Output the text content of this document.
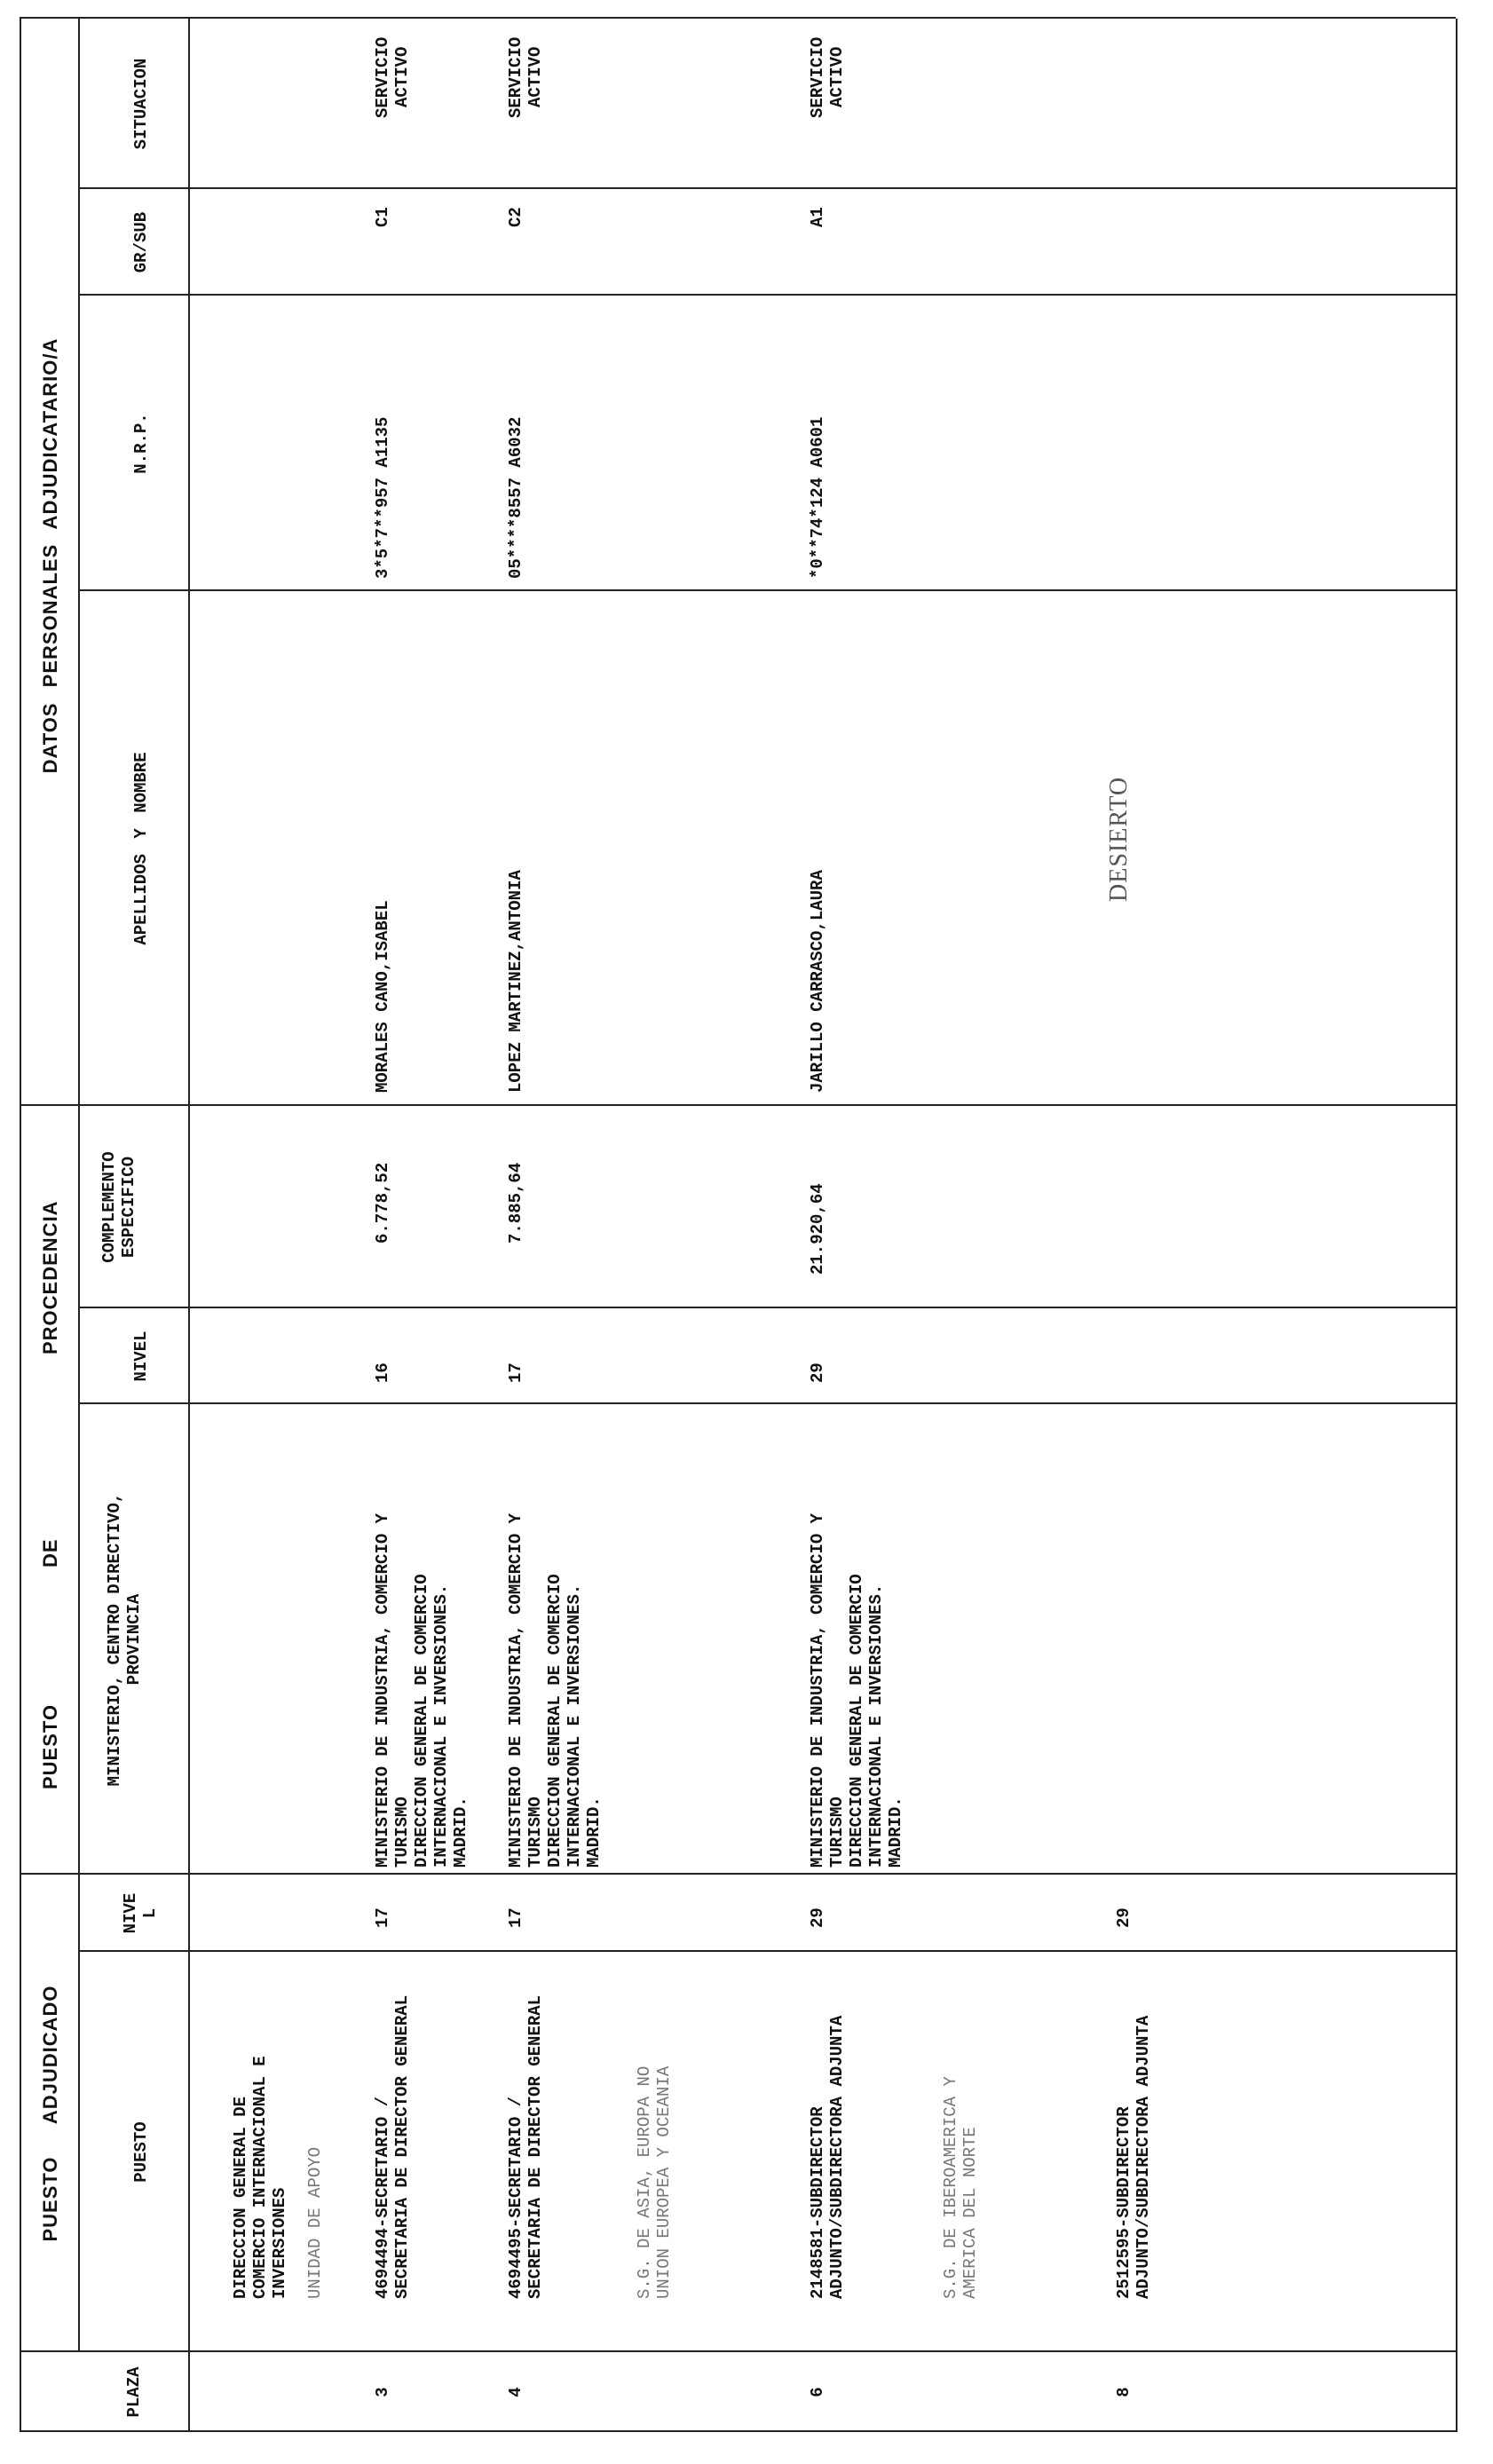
PUESTO ADJUDICADO
PUESTO
DE
PROCEDENCIA
DATOS PERSONALES ADJUDICATARIO/A
PLAZA
PUESTO
NIVE L
MINISTERIO, CENTRO DIRECTIVO, PROVINCIA
NIVEL
COMPLEMENTO ESPECIFICO
APELLIDOS Y NOMBRE
N.R.P.
GR/SUB
SITUACION
DIRECCION GENERAL DE COMERCIO INTERNACIONAL E INVERSIONES UNIDAD DE APOYO	S.G. DE ASIA, EUROPA NO UNION EUROPEA Y OCEANIA	S.G. DE IBEROAMERICA Y AMERICA DEL NORTE
3
4694494-SECRETARIO / SECRETARIA DE DIRECTOR GENERAL
17
MINISTERIO DE INDUSTRIA, COMERCIO Y TURISMO DIRECCION GENERAL DE COMERCIO INTERNACIONAL E INVERSIONES. MADRID.
16
6.778,52
MORALES CANO,ISABEL
3*5*7**957 A1135
C1
SERVICIO ACTIVO
4
4694495-SECRETARIO / SECRETARIA DE DIRECTOR GENERAL
17
MINISTERIO DE INDUSTRIA, COMERCIO Y TURISMO DIRECCION GENERAL DE COMERCIO INTERNACIONAL E INVERSIONES. MADRID.
17
7.885,64
LOPEZ MARTINEZ,ANTONIA
05****8557 A6032
C2
SERVICIO ACTIVO
6
2148581-SUBDIRECTOR ADJUNTO/SUBDIRECTORA ADJUNTA
29
MINISTERIO DE INDUSTRIA, COMERCIO Y TURISMO DIRECCION GENERAL DE COMERCIO INTERNACIONAL E INVERSIONES. MADRID.
29
21.920,64
JARILLO CARRASCO,LAURA
*0**74*124 A0601
A1
SERVICIO ACTIVO
8
2512595-SUBDIRECTOR ADJUNTO/SUBDIRECTORA ADJUNTA
29
DESIERTO
